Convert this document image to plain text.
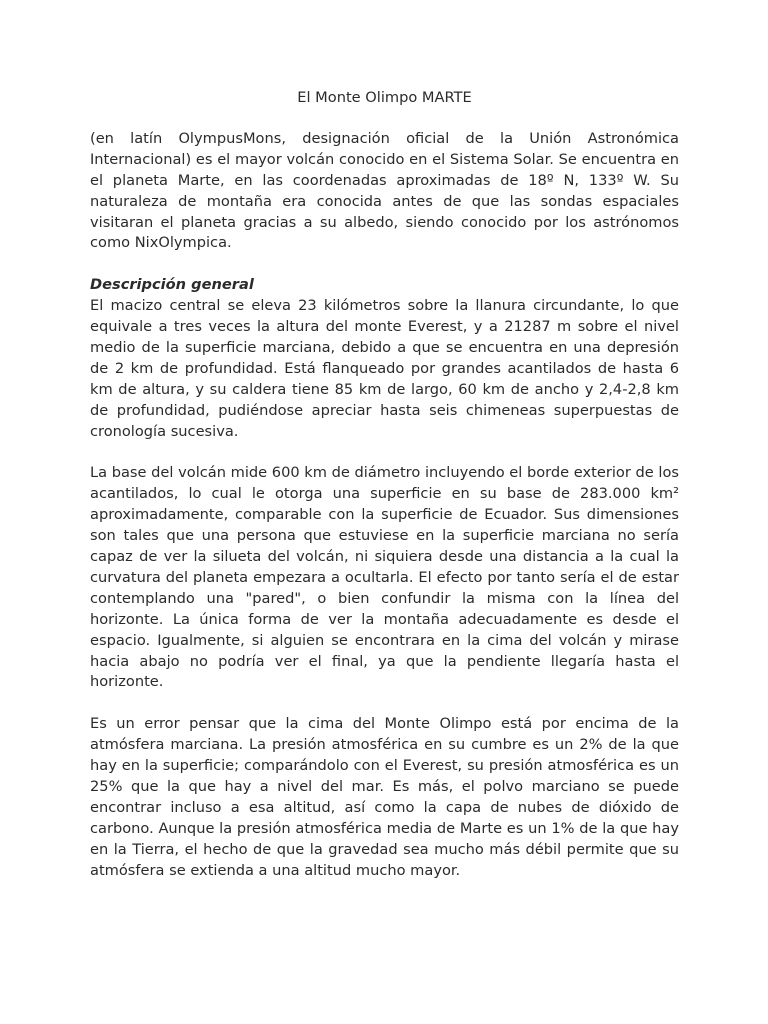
El Monte Olimpo MARTE

(en latín OlympusMons, designación oficial de la Unión Astronómica Internacional) es el mayor volcán conocido en el Sistema Solar. Se encuentra en el planeta Marte, en las coordenadas aproximadas de 18º N, 133º W. Su naturaleza de montaña era conocida antes de que las sondas espaciales visitaran el planeta gracias a su albedo, siendo conocido por los astrónomos como NixOlympica.

Descripción general

El macizo central se eleva 23 kilómetros sobre la llanura circundante, lo que equivale a tres veces la altura del monte Everest, y a 21287 m sobre el nivel medio de la superficie marciana, debido a que se encuentra en una depresión de 2 km de profundidad. Está flanqueado por grandes acantilados de hasta 6 km de altura, y su caldera tiene 85 km de largo, 60 km de ancho y 2,4-2,8 km de profundidad, pudiéndose apreciar hasta seis chimeneas superpuestas de cronología sucesiva.

La base del volcán mide 600 km de diámetro incluyendo el borde exterior de los acantilados, lo cual le otorga una superficie en su base de 283.000 km² aproximadamente, comparable con la superficie de Ecuador. Sus dimensiones son tales que una persona que estuviese en la superficie marciana no sería capaz de ver la silueta del volcán, ni siquiera desde una distancia a la cual la curvatura del planeta empezara a ocultarla. El efecto por tanto sería el de estar contemplando una "pared", o bien confundir la misma con la línea del horizonte. La única forma de ver la montaña adecuadamente es desde el espacio. Igualmente, si alguien se encontrara en la cima del volcán y mirase hacia abajo no podría ver el final, ya que la pendiente llegaría hasta el horizonte.

Es un error pensar que la cima del Monte Olimpo está por encima de la atmósfera marciana. La presión atmosférica en su cumbre es un 2% de la que hay en la superficie; comparándolo con el Everest, su presión atmosférica es un 25% que la que hay a nivel del mar. Es más, el polvo marciano se puede encontrar incluso a esa altitud, así como la capa de nubes de dióxido de carbono. Aunque la presión atmosférica media de Marte es un 1% de la que hay en la Tierra, el hecho de que la gravedad sea mucho más débil permite que su atmósfera se extienda a una altitud mucho mayor.
